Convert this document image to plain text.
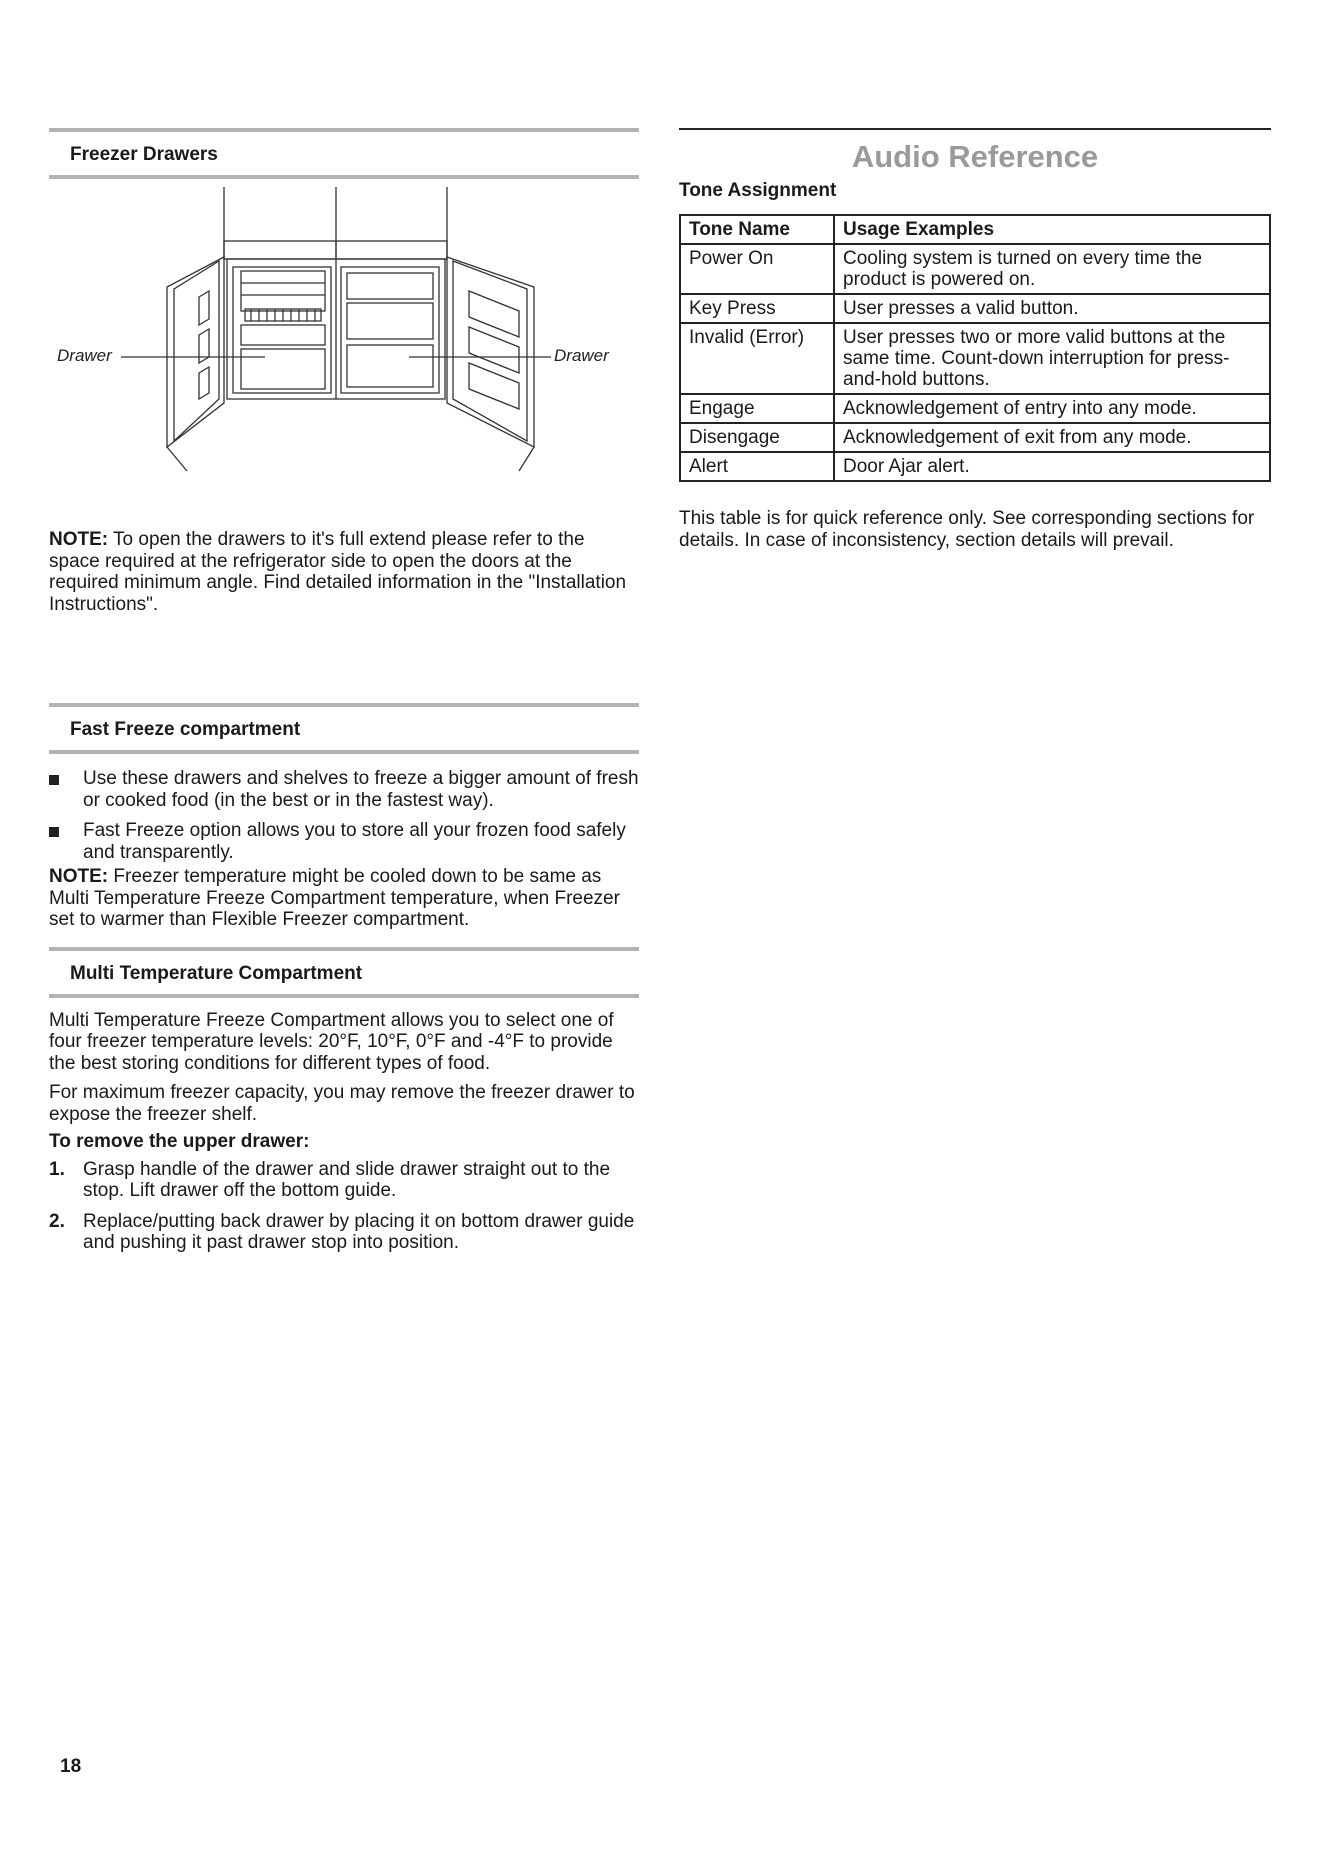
Freezer Drawers
Drawer	Drawer

NOTE: To open the drawers to it's full extend please refer to the space required at the refrigerator side to open the doors at the required minimum angle. Find detailed information in the "Installation Instructions".

Fast Freeze compartment
Use these drawers and shelves to freeze a bigger amount of fresh or cooked food (in the best or in the fastest way).
Fast Freeze option allows you to store all your frozen food safely and transparently.

NOTE: Freezer temperature might be cooled down to be same as Multi Temperature Freeze Compartment temperature, when Freezer set to warmer than Flexible Freezer compartment.

Multi Temperature Compartment

Multi Temperature Freeze Compartment allows you to select one of four freezer temperature levels: 20°F, 10°F, 0°F and -4°F to provide the best storing conditions for different types of food.

For maximum freezer capacity, you may remove the freezer drawer to expose the freezer shelf.

To remove the upper drawer:

1. Grasp handle of the drawer and slide drawer straight out to the stop. Lift drawer off the bottom guide.
2. Replace/putting back drawer by placing it on bottom drawer guide and pushing it past drawer stop into position.
Audio Reference
Tone Assignment
Tone Name	Usage Examples
Power On	Cooling system is turned on every time the product is powered on.
Key Press	User presses a valid button.
Invalid (Error)	User presses two or more valid buttons at the same time. Count-down interruption for press-and-hold buttons.
Engage	Acknowledgement of entry into any mode.
Disengage	Acknowledgement of exit from any mode.
Alert	Door Ajar alert.

This table is for quick reference only. See corresponding sections for details. In case of inconsistency, section details will prevail.

18
